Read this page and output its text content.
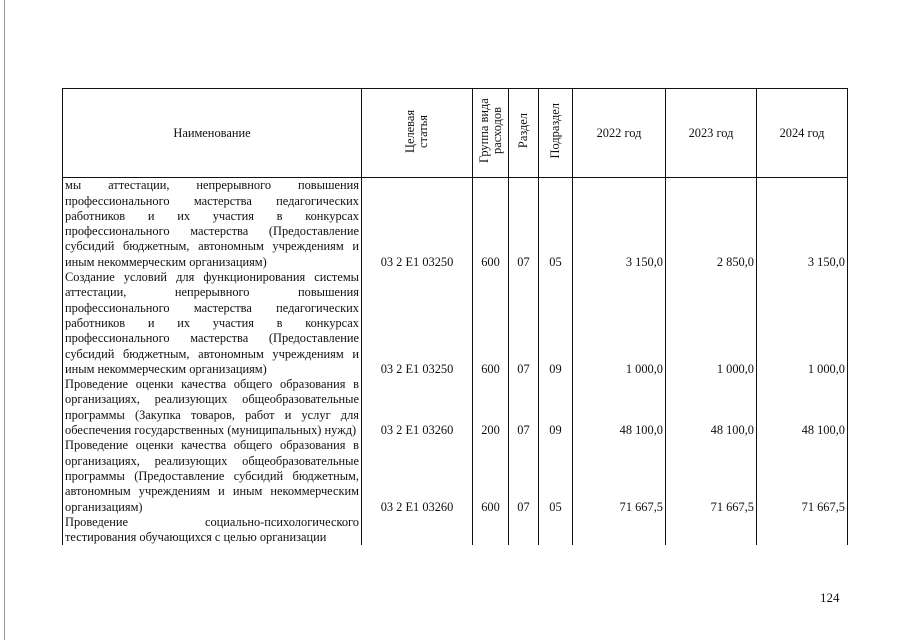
Наименование	Целевая статья	Группа вида расходов	Раздел	Подраздел	2022 год	2023 год	2024 год
мы аттестации, непрерывного повышения профессионального мастерства педагогических работников и их участия в конкурсах профессионального мастерства (Предоставление субсидий бюджетным, автономным учреждениям и иным некоммерческим организациям)	03 2 E1 03250	600	07	05	3 150,0	2 850,0	3 150,0
Создание условий для функционирования системы аттестации, непрерывного повышения профессионального мастерства педагогических работников и их участия в конкурсах профессионального мастерства (Предоставление субсидий бюджетным, автономным учреждениям и иным некоммерческим организациям)	03 2 E1 03250	600	07	09	1 000,0	1 000,0	1 000,0
Проведение оценки качества общего образования в организациях, реализующих общеобразовательные программы (Закупка товаров, работ и услуг для обеспечения государственных (муниципальных) нужд)	03 2 E1 03260	200	07	09	48 100,0	48 100,0	48 100,0
Проведение оценки качества общего образования в организациях, реализующих общеобразовательные программы (Предоставление субсидий бюджетным, автономным учреждениям и иным некоммерческим организациям)	03 2 E1 03260	600	07	05	71 667,5	71 667,5	71 667,5
Проведение социально-психологического тестирования обучающихся с целью организации							
124
